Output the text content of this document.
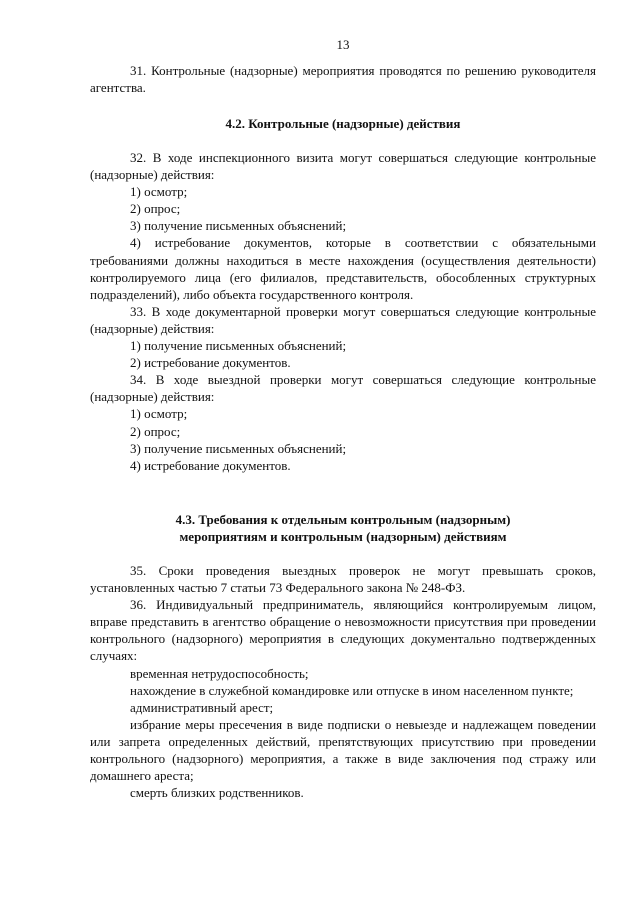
13

31. Контрольные (надзорные) мероприятия проводятся по решению руководителя агентства.

4.2. Контрольные (надзорные) действия

32. В ходе инспекционного визита могут совершаться следующие контрольные (надзорные) действия:

1) осмотр;

2) опрос;

3) получение письменных объяснений;

4) истребование документов, которые в соответствии с обязательными требованиями должны находиться в месте нахождения (осуществления деятельности) контролируемого лица (его филиалов, представительств, обособленных структурных подразделений), либо объекта государственного контроля.

33. В ходе документарной проверки могут совершаться следующие контрольные (надзорные) действия:

1) получение письменных объяснений;

2) истребование документов.

34. В ходе выездной проверки могут совершаться следующие контрольные (надзорные) действия:

1) осмотр;

2) опрос;

3) получение письменных объяснений;

4) истребование документов.

4.3. Требования к отдельным контрольным (надзорным)
мероприятиям и контрольным (надзорным) действиям

35. Сроки проведения выездных проверок не могут превышать сроков, установленных частью 7 статьи 73 Федерального закона № 248-ФЗ.

36. Индивидуальный предприниматель, являющийся контролируемым лицом, вправе представить в агентство обращение о невозможности присутствия при проведении контрольного (надзорного) мероприятия в следующих документально подтвержденных случаях:

временная нетрудоспособность;

нахождение в служебной командировке или отпуске в ином населенном пункте;

административный арест;

избрание меры пресечения в виде подписки о невыезде и надлежащем поведении или запрета определенных действий, препятствующих присутствию при проведении контрольного (надзорного) мероприятия, а также в виде заключения под стражу или домашнего ареста;

смерть близких родственников.
